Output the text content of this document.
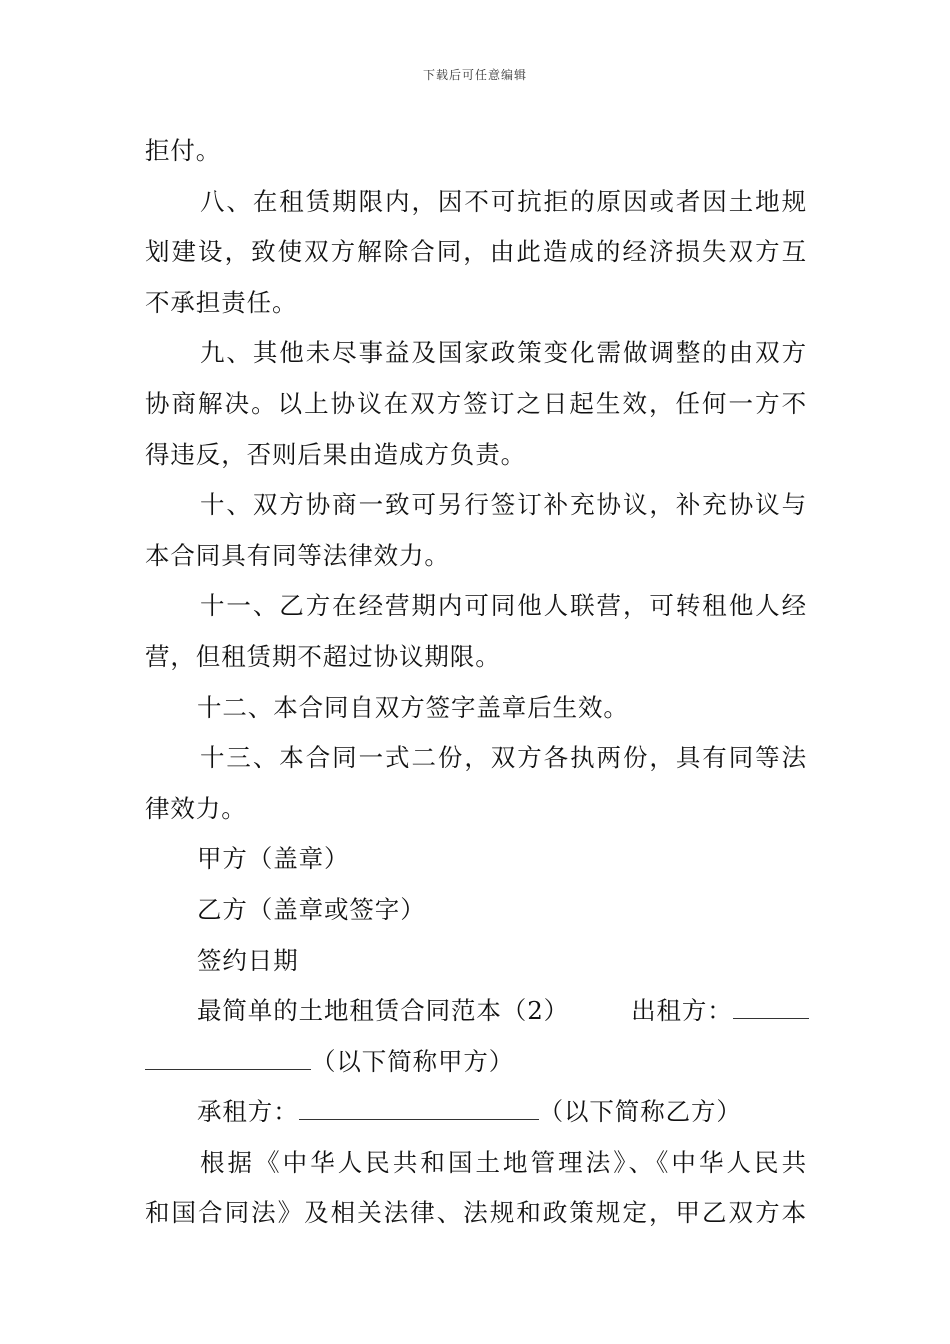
下载后可任意编辑
拒付。
八、在租赁期限内，因不可抗拒的原因或者因土地规
划建设，致使双方解除合同，由此造成的经济损失双方互
不承担责任。
九、其他未尽事益及国家政策变化需做调整的由双方
协商解决。以上协议在双方签订之日起生效，任何一方不
得违反，否则后果由造成方负责。
十、双方协商一致可另行签订补充协议，补充协议与
本合同具有同等法律效力。
十一、乙方在经营期内可同他人联营，可转租他人经
营，但租赁期不超过协议期限。
十二、本合同自双方签字盖章后生效。
十三、本合同一式二份，双方各执两份，具有同等法
律效力。
甲方（盖章）
乙方（盖章或签字）
签约日期
最简单的土地租赁合同范本（2）	出租方：
（以下简称甲方）
承租方：	（以下简称乙方）
根据《中华人民共和国土地管理法》、《中华人民共
和国合同法》及相关法律、法规和政策规定，甲乙双方本
